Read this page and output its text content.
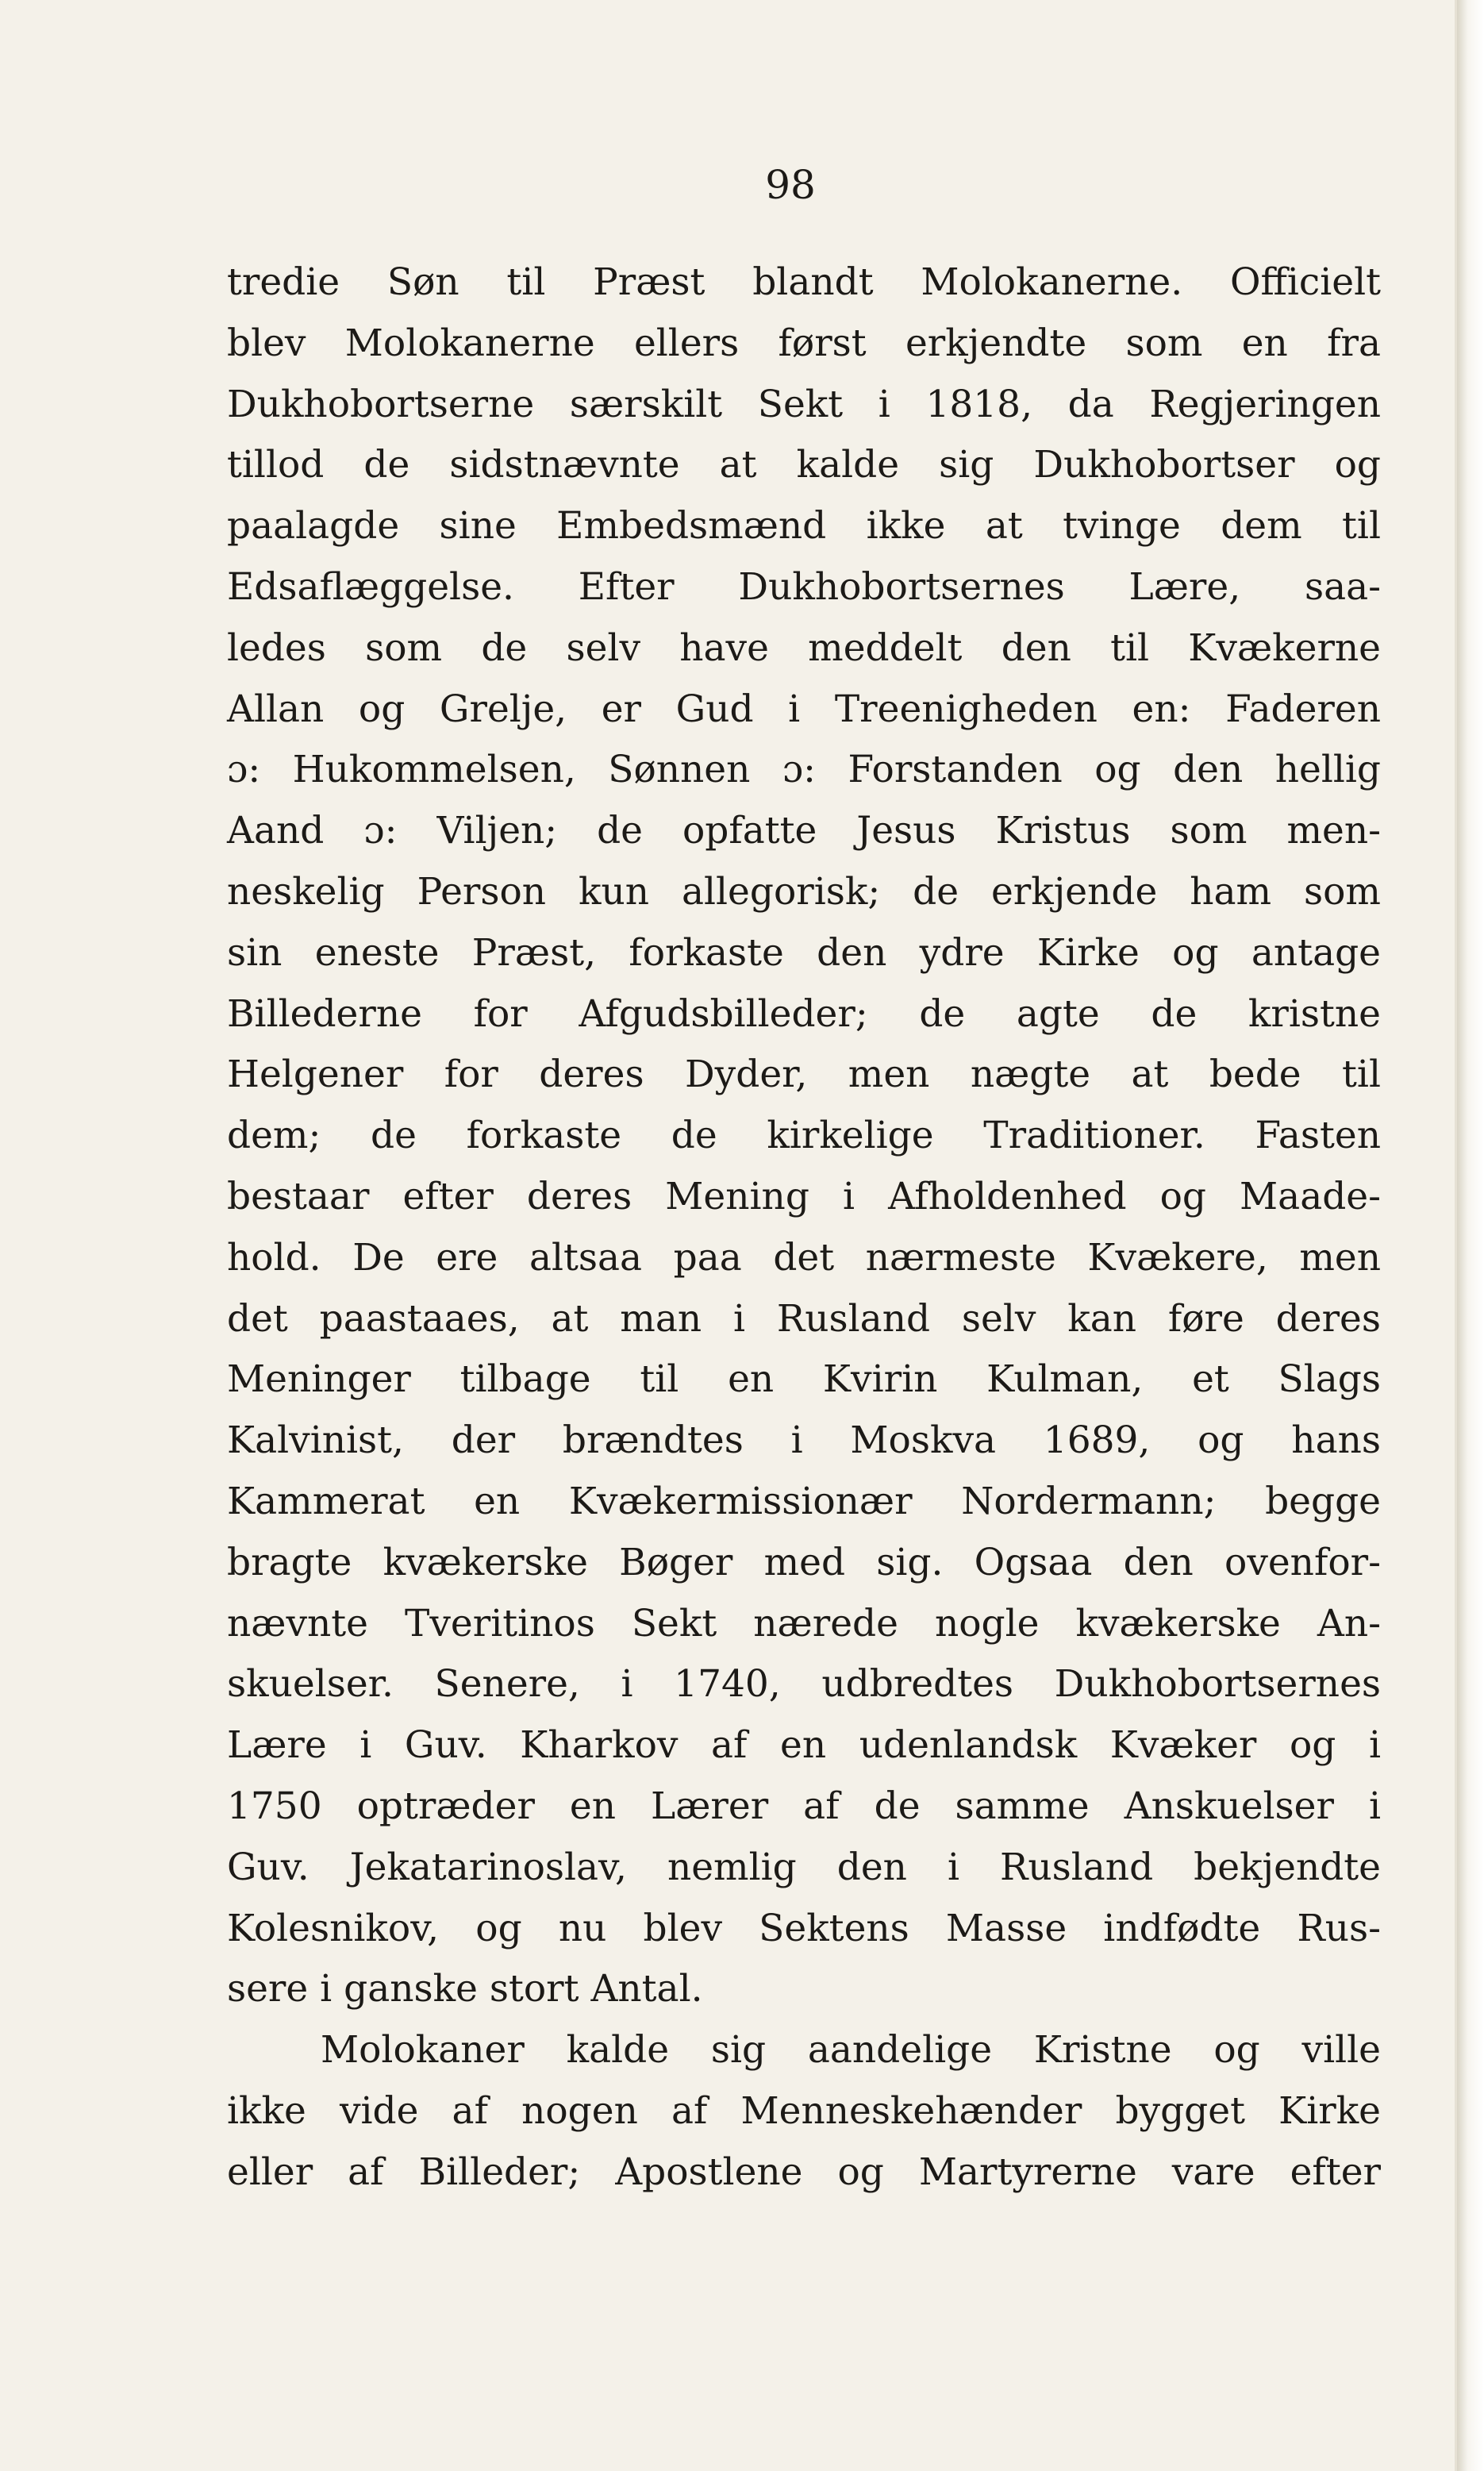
98
tredie Søn til Præst blandt Molokanerne. Officielt
blev Molokanerne ellers først erkjendte som en fra
Dukhobortserne særskilt Sekt i 1818, da Regjeringen
tillod de sidstnævnte at kalde sig Dukhobortser og
paalagde sine Embedsmænd ikke at tvinge dem til
Edsaflæggelse. Efter Dukhobortsernes Lære, saa-
ledes som de selv have meddelt den til Kvækerne
Allan og Grelje, er Gud i Treenigheden en: Faderen
ɔ: Hukommelsen, Sønnen ɔ: Forstanden og den hellig
Aand ɔ: Viljen; de opfatte Jesus Kristus som men-
neskelig Person kun allegorisk; de erkjende ham som
sin eneste Præst, forkaste den ydre Kirke og antage
Billederne for Afgudsbilleder; de agte de kristne
Helgener for deres Dyder, men nægte at bede til
dem; de forkaste de kirkelige Traditioner. Fasten
bestaar efter deres Mening i Afholdenhed og Maade-
hold. De ere altsaa paa det nærmeste Kvækere, men
det paastaaes, at man i Rusland selv kan føre deres
Meninger tilbage til en Kvirin Kulman, et Slags
Kalvinist, der brændtes i Moskva 1689, og hans
Kammerat en Kvækermissionær Nordermann; begge
bragte kvækerske Bøger med sig. Ogsaa den ovenfor-
nævnte Tveritinos Sekt nærede nogle kvækerske An-
skuelser. Senere, i 1740, udbredtes Dukhobortsernes
Lære i Guv. Kharkov af en udenlandsk Kvæker og i
1750 optræder en Lærer af de samme Anskuelser i
Guv. Jekatarinoslav, nemlig den i Rusland bekjendte
Kolesnikov, og nu blev Sektens Masse indfødte Rus-
sere i ganske stort Antal.
Molokaner kalde sig aandelige Kristne og ville
ikke vide af nogen af Menneskehænder bygget Kirke
eller af Billeder; Apostlene og Martyrerne vare efter
